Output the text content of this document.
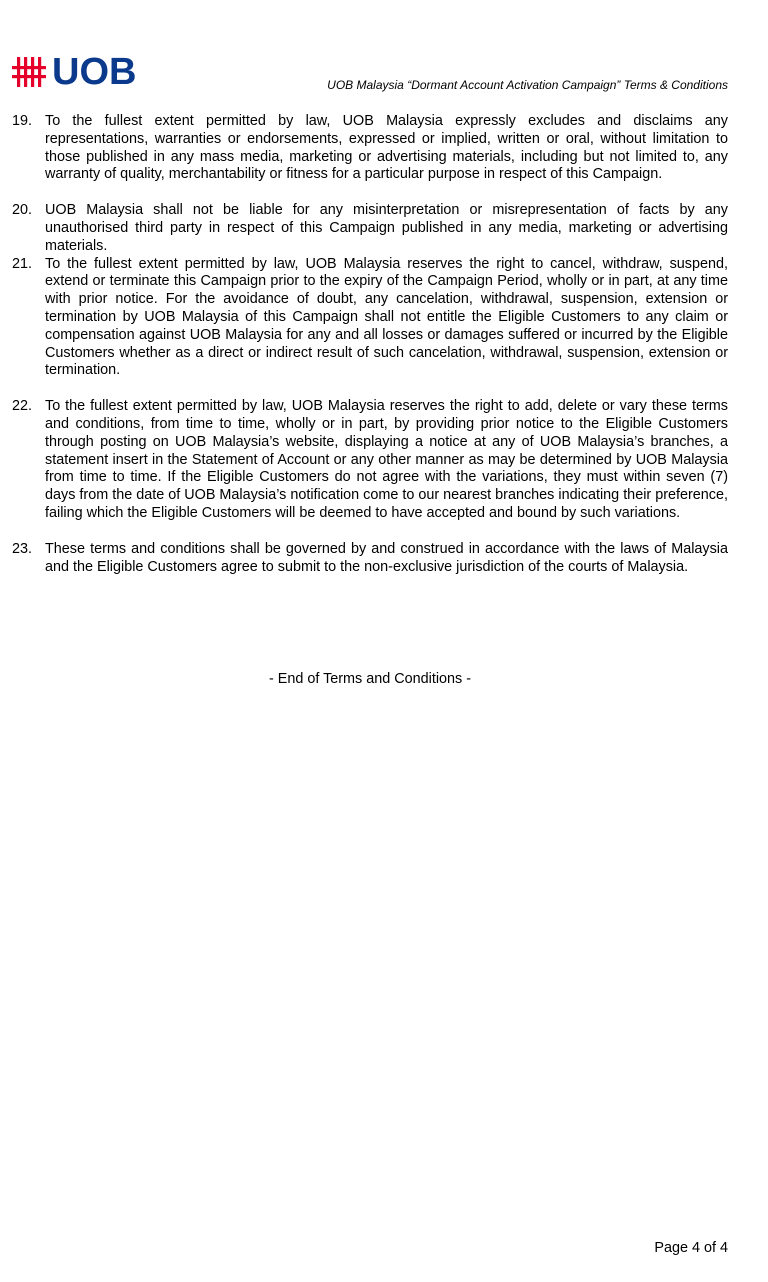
UOB	UOB Malaysia “Dormant Account Activation Campaign” Terms & Conditions
19. To the fullest extent permitted by law, UOB Malaysia expressly excludes and disclaims any representations, warranties or endorsements, expressed or implied, written or oral, without limitation to those published in any mass media, marketing or advertising materials, including but not limited to, any warranty of quality, merchantability or fitness for a particular purpose in respect of this Campaign.
20. UOB Malaysia shall not be liable for any misinterpretation or misrepresentation of facts by any unauthorised third party in respect of this Campaign published in any media, marketing or advertising materials.
21. To the fullest extent permitted by law, UOB Malaysia reserves the right to cancel, withdraw, suspend, extend or terminate this Campaign prior to the expiry of the Campaign Period, wholly or in part, at any time with prior notice. For the avoidance of doubt, any cancelation, withdrawal, suspension, extension or termination by UOB Malaysia of this Campaign shall not entitle the Eligible Customers to any claim or compensation against UOB Malaysia for any and all losses or damages suffered or incurred by the Eligible Customers whether as a direct or indirect result of such cancelation, withdrawal, suspension, extension or termination.
22. To the fullest extent permitted by law, UOB Malaysia reserves the right to add, delete or vary these terms and conditions, from time to time, wholly or in part, by providing prior notice to the Eligible Customers through posting on UOB Malaysia’s website, displaying a notice at any of UOB Malaysia’s branches, a statement insert in the Statement of Account or any other manner as may be determined by UOB Malaysia from time to time. If the Eligible Customers do not agree with the variations, they must within seven (7) days from the date of UOB Malaysia’s notification come to our nearest branches indicating their preference, failing which the Eligible Customers will be deemed to have accepted and bound by such variations.
23. These terms and conditions shall be governed by and construed in accordance with the laws of Malaysia and the Eligible Customers agree to submit to the non-exclusive jurisdiction of the courts of Malaysia.
- End of Terms and Conditions -
Page 4 of 4
